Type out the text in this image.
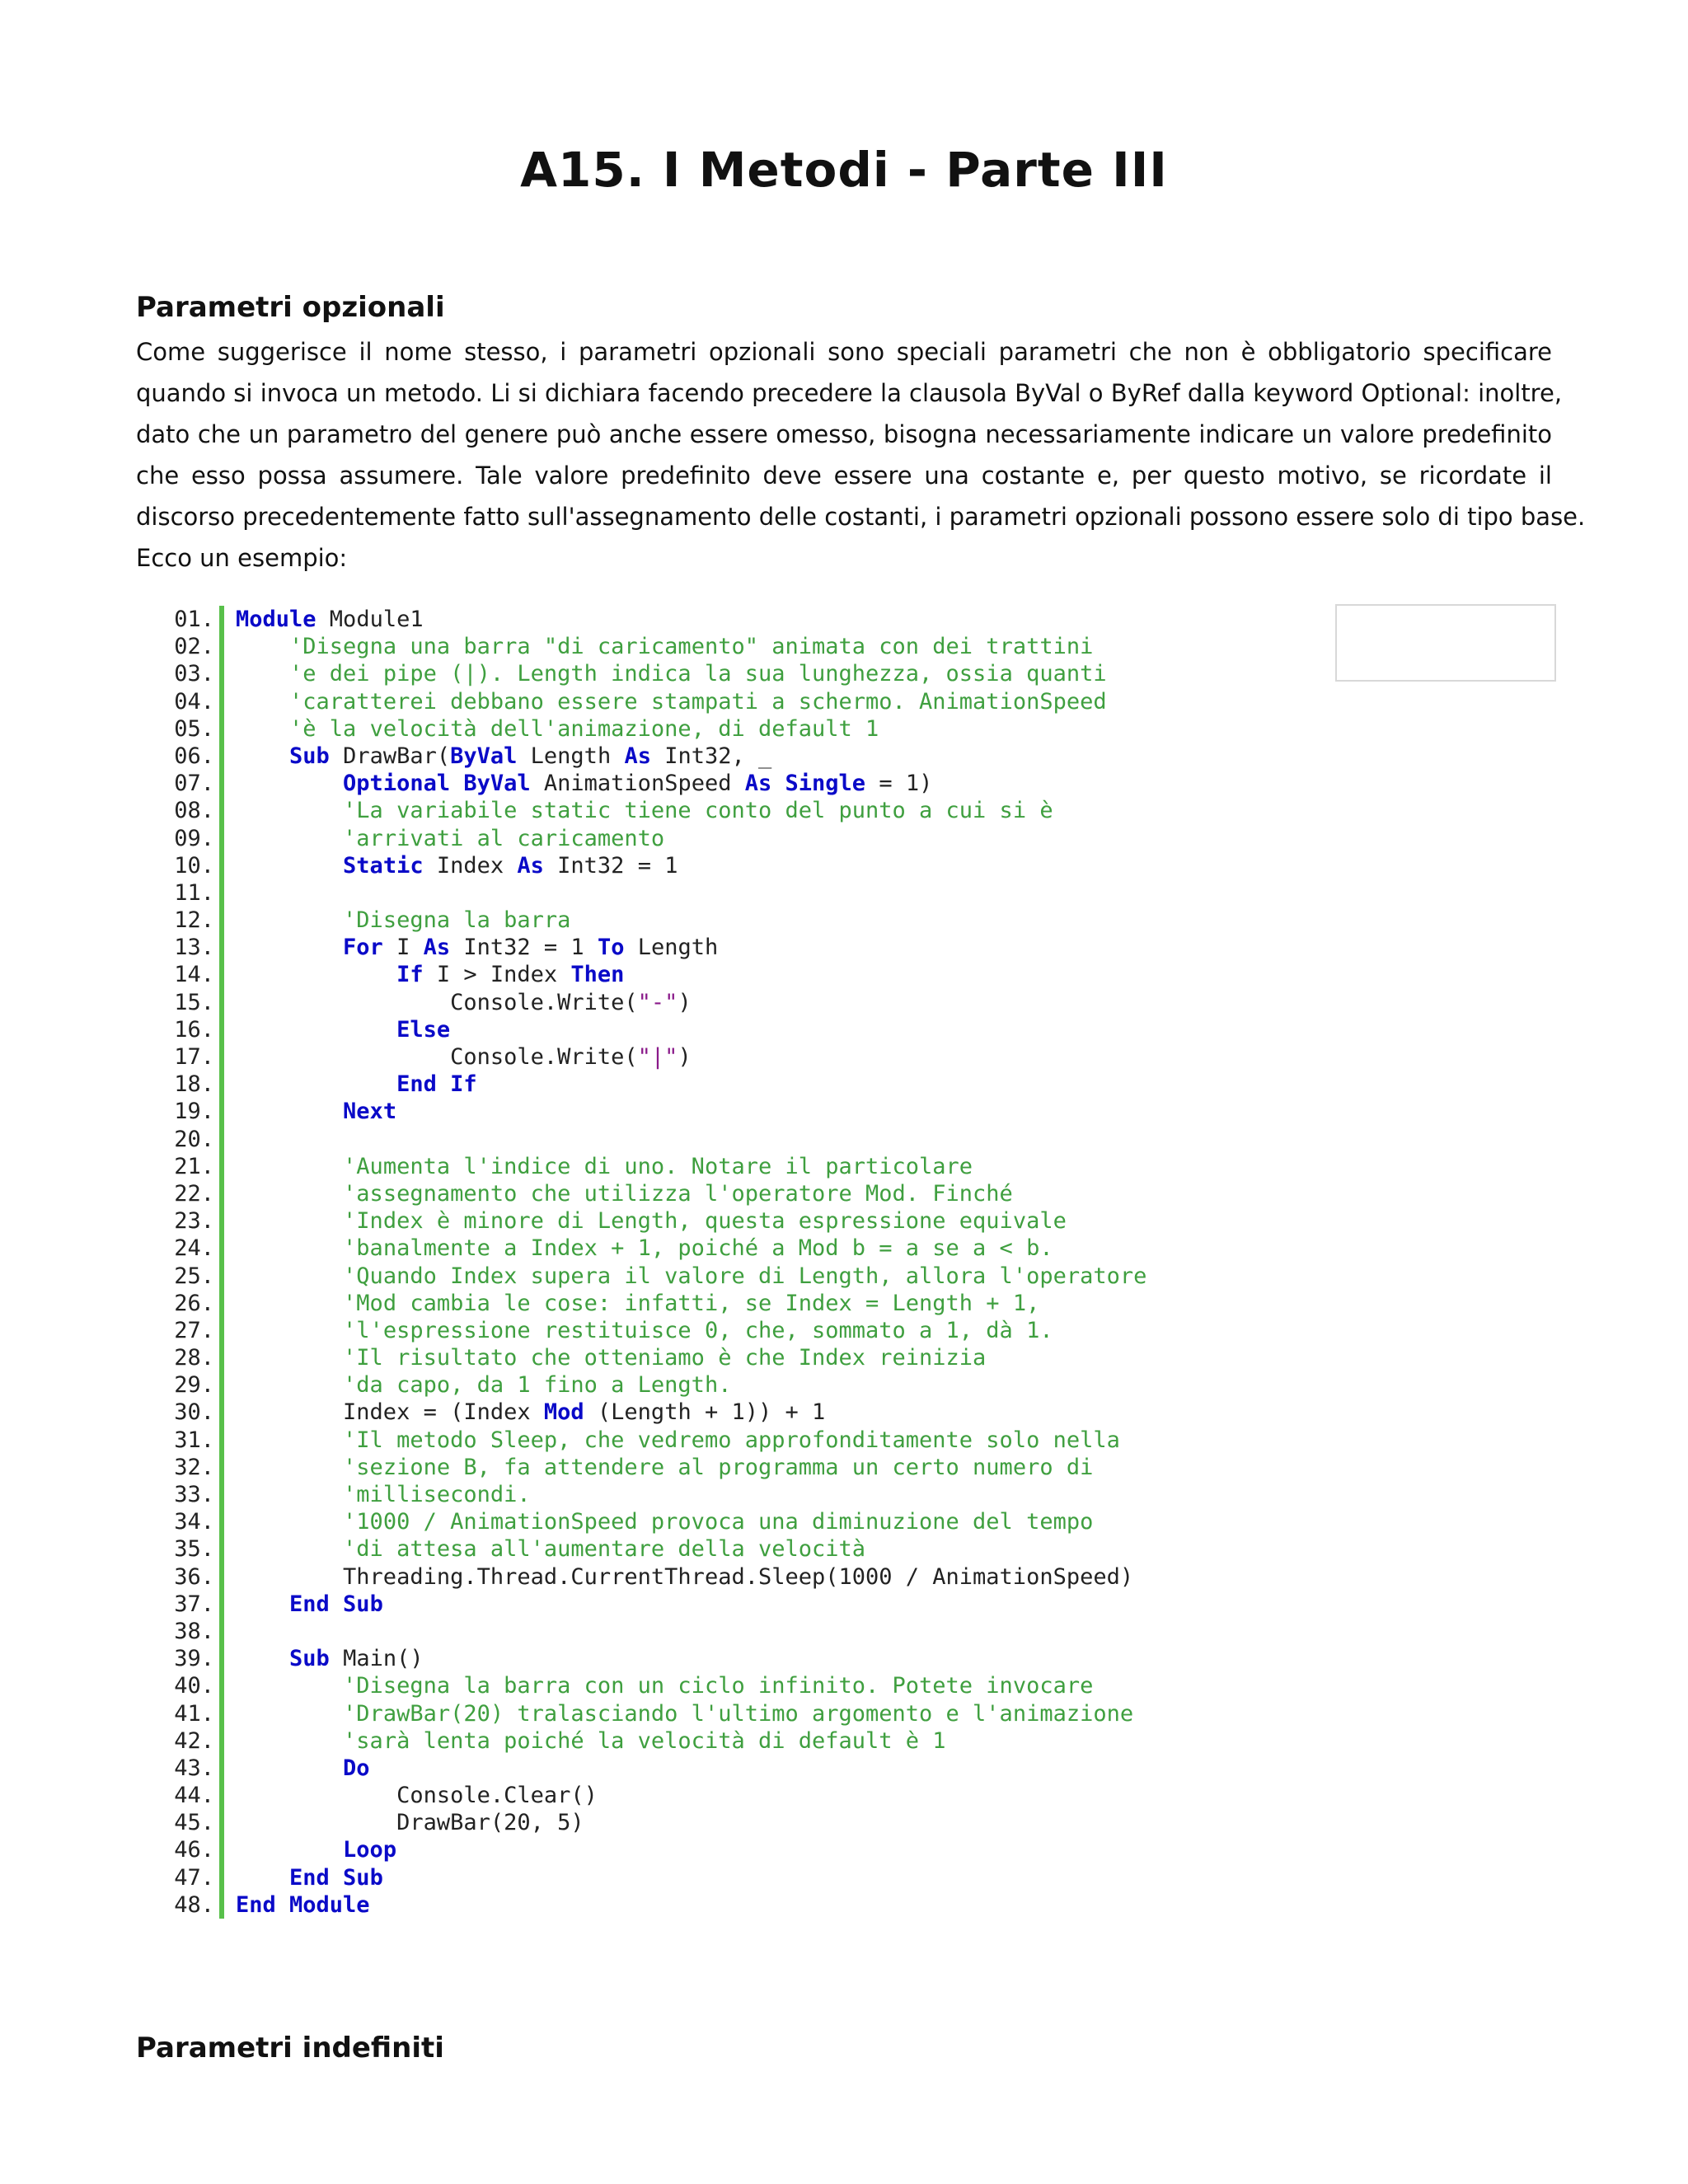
A15. I Metodi - Parte III
Parametri opzionali
Come suggerisce il nome stesso, i parametri opzionali sono speciali parametri che non è obbligatorio specificare
quando si invoca un metodo. Li si dichiara facendo precedere la clausola ByVal o ByRef dalla keyword Optional: inoltre,
dato che un parametro del genere può anche essere omesso, bisogna necessariamente indicare un valore predefinito
che esso possa assumere. Tale valore predefinito deve essere una costante e, per questo motivo, se ricordate il
discorso precedentemente fatto sull'assegnamento delle costanti, i parametri opzionali possono essere solo di tipo base.
Ecco un esempio:
01. Module Module1
02.	'Disegna una barra "di caricamento" animata con dei trattini
03.	'e dei pipe (|). Length indica la sua lunghezza, ossia quanti
04.	'caratterei debbano essere stampati a schermo. AnimationSpeed
05.	'è la velocità dell'animazione, di default 1
06.	Sub DrawBar(ByVal Length As Int32, _
07.	Optional ByVal AnimationSpeed As Single = 1)
08.	'La variabile static tiene conto del punto a cui si è
09.	'arrivati al caricamento
10.	Static Index As Int32 = 1
11.
12.	'Disegna la barra
13.	For I As Int32 = 1 To Length
14.	If I > Index Then
15. Console.Write("-")
16.	Else
17. Console.Write("|")
18.	End If
19.	Next
20.
21.	'Aumenta l'indice di uno. Notare il particolare
22.	'assegnamento che utilizza l'operatore Mod. Finché
23.	'Index è minore di Length, questa espressione equivale
24.	'banalmente a Index + 1, poiché a Mod b = a se a < b.
25.	'Quando Index supera il valore di Length, allora l'operatore
26.	'Mod cambia le cose: infatti, se Index = Length + 1,
27.	'l'espressione restituisce 0, che, sommato a 1, dà 1.
28.	'Il risultato che otteniamo è che Index reinizia
29.	'da capo, da 1 fino a Length.
30. Index = (Index Mod (Length + 1)) + 1
31.	'Il metodo Sleep, che vedremo approfonditamente solo nella
32.	'sezione B, fa attendere al programma un certo numero di
33.	'millisecondi.
34.	'1000 / AnimationSpeed provoca una diminuzione del tempo
35.	'di attesa all'aumentare della velocità
36. Threading.Thread.CurrentThread.Sleep(1000 / AnimationSpeed)
37.	End Sub
38.
39.	Sub Main()
40.	'Disegna la barra con un ciclo infinito. Potete invocare
41.	'DrawBar(20) tralasciando l'ultimo argomento e l'animazione
42.	'sarà lenta poiché la velocità di default è 1
43.	Do
44. Console.Clear()
45. DrawBar(20, 5)
46.	Loop
47.	End Sub
48. End Module
Parametri indefiniti
